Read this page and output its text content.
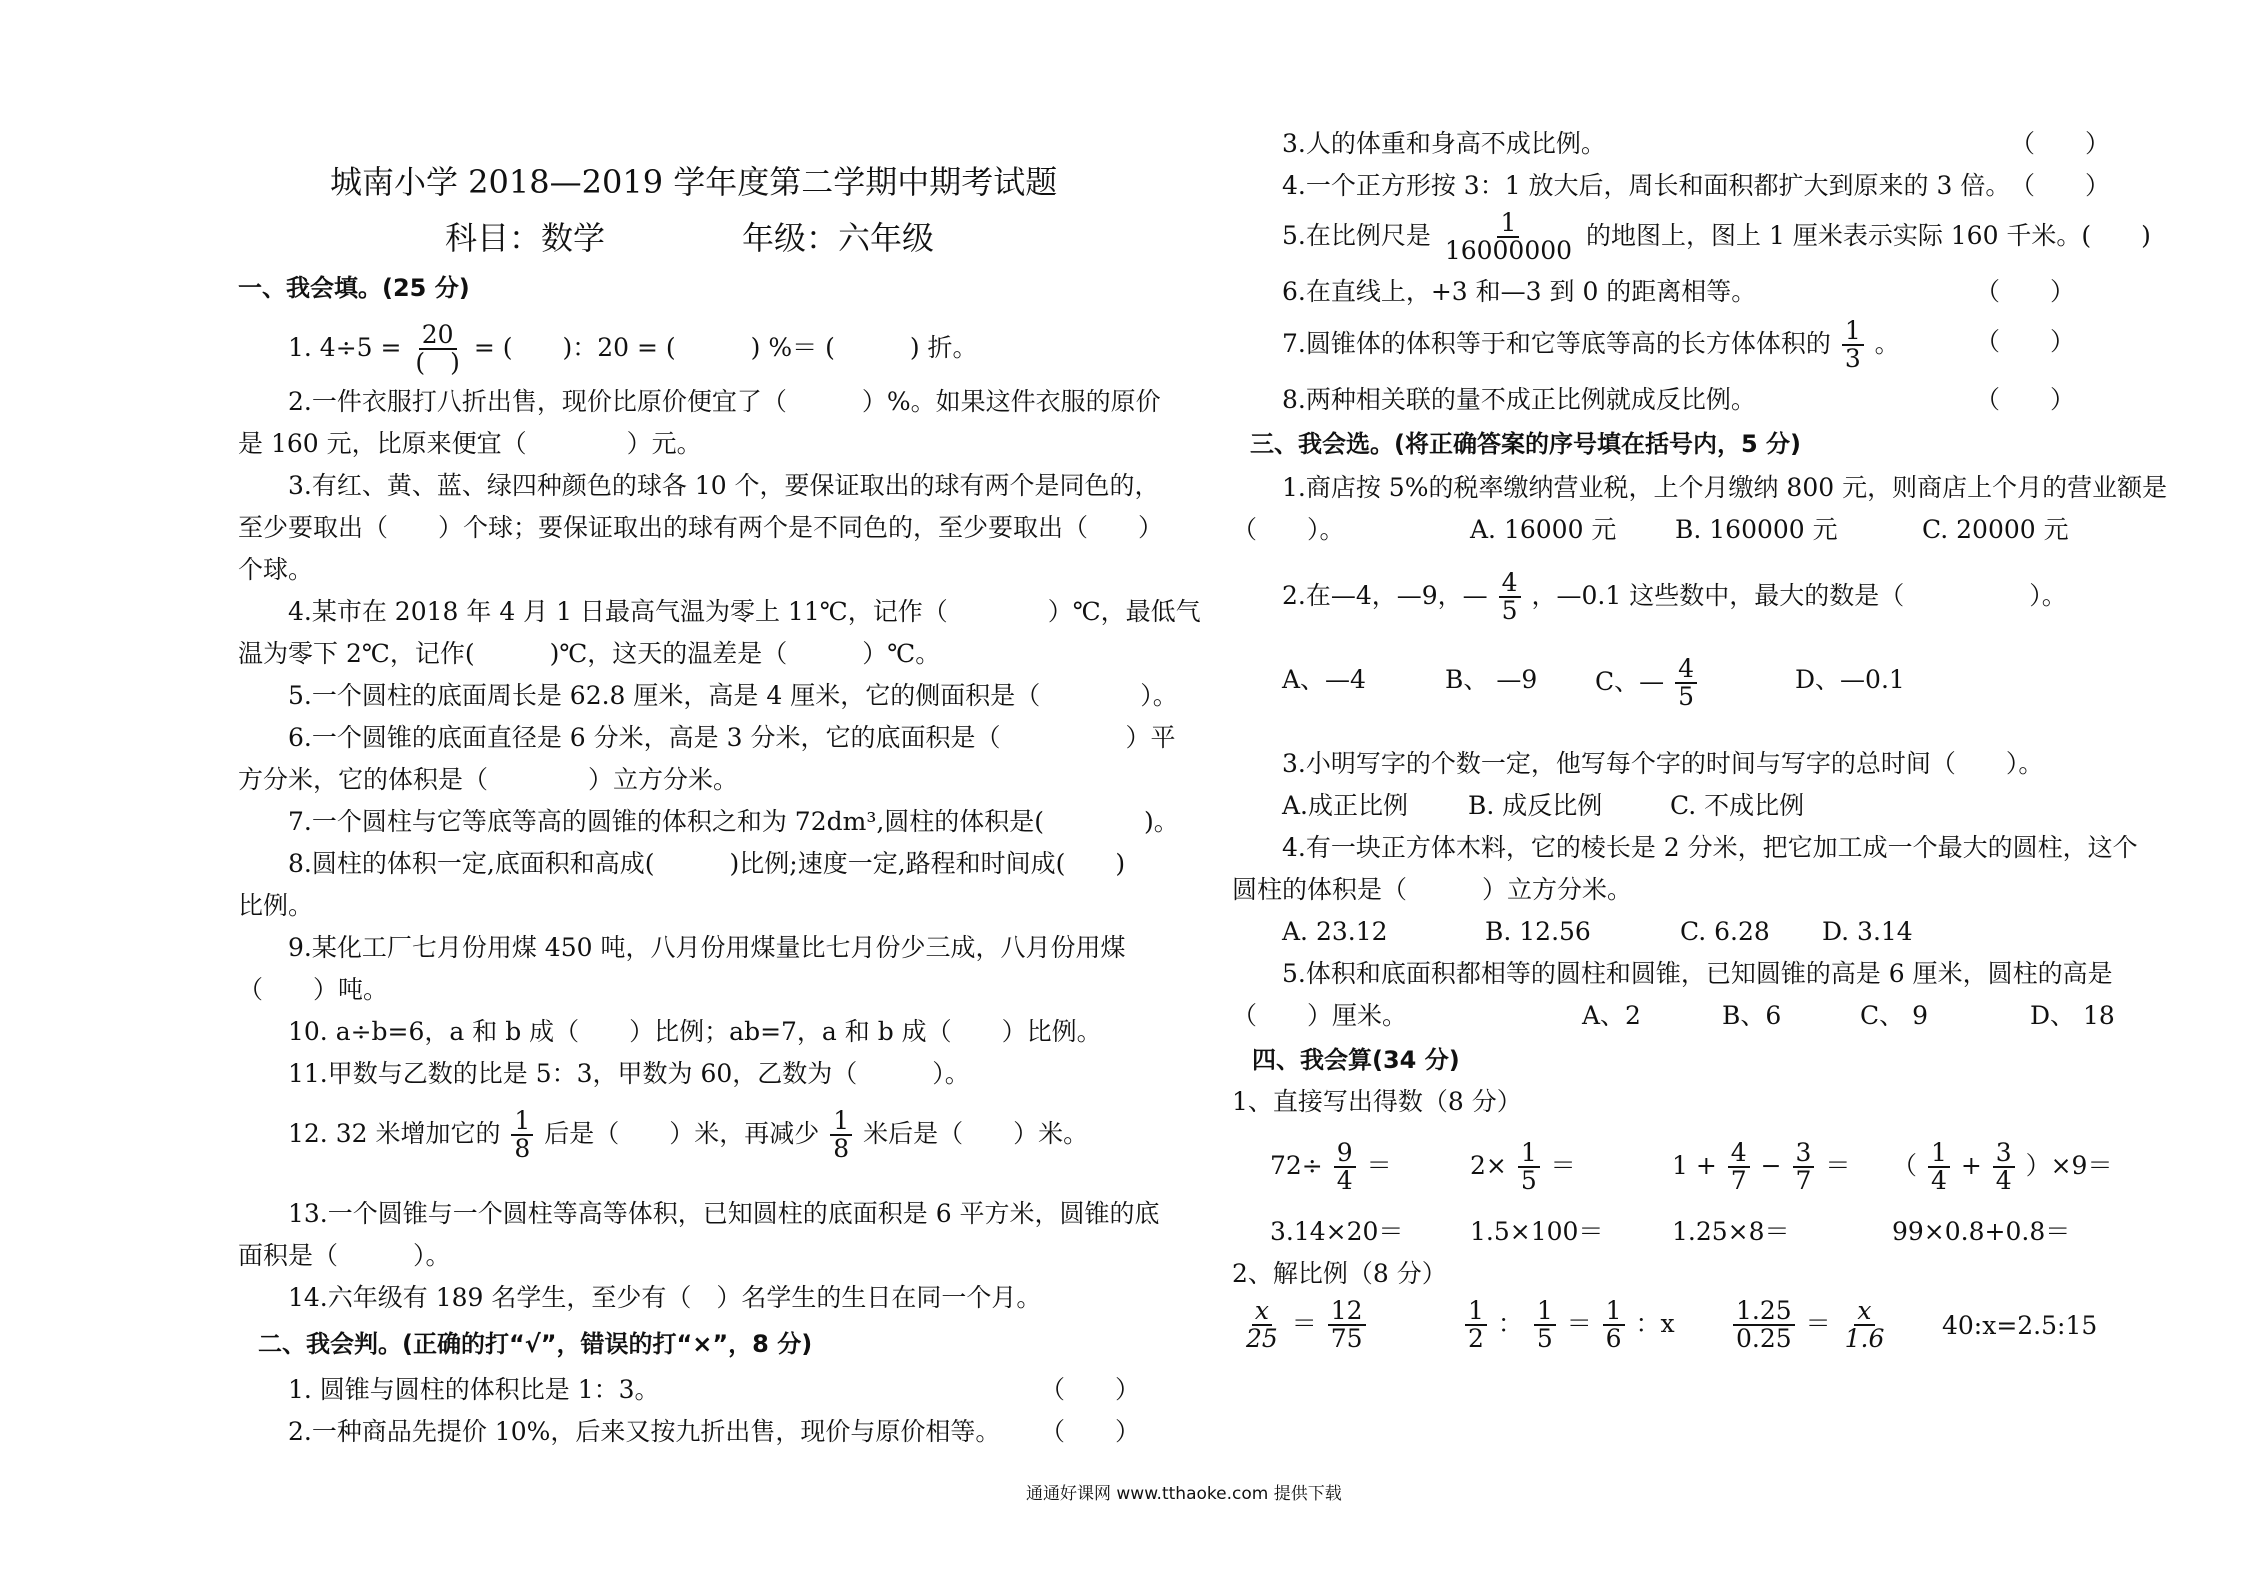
城南小学 2018—2019 学年度第二学期中期考试题
科目：数学	年级：六年级
一、我会填。(25 分)
1. $4\div 5 = \frac{20}{( )}$ = (　　)：20 = (　　　) %＝ (　　　) 折。
2.一件衣服打八折出售，现价比原价便宜了（　　　）%。如果这件衣服的原价
是 160 元，比原来便宜（　　　　）元。
3.有红、黄、蓝、绿四种颜色的球各 10 个，要保证取出的球有两个是同色的，
至少要取出（　　）个球；要保证取出的球有两个是不同色的，至少要取出（　　）
个球。
4.某市在 2018 年 4 月 1 日最高气温为零上 11℃，记作（　　　　）℃，最低气
温为零下 2℃，记作(　　　)℃，这天的温差是（　　　）℃。
5.一个圆柱的底面周长是 62.8 厘米，高是 4 厘米，它的侧面积是（　　　　）。
6.一个圆锥的底面直径是 6 分米，高是 3 分米，它的底面积是（　　　　　）平
方分米，它的体积是（　　　　）立方分米。
7.一个圆柱与它等底等高的圆锥的体积之和为 72dm³,圆柱的体积是(　　　　)。
8.圆柱的体积一定,底面积和高成(　　　)比例;速度一定,路程和时间成(　　)
比例。
9.某化工厂七月份用煤 450 吨，八月份用煤量比七月份少三成，八月份用煤
（　　）吨。
10. a÷b=6，a 和 b 成（　　）比例；ab=7，a 和 b 成（　　）比例。
11.甲数与乙数的比是 5：3，甲数为 60，乙数为（　　　）。
12. 32 米增加它的 $\frac{1}{8}$ 后是（　　）米，再减少 $\frac{1}{8}$ 米后是（　　）米。
13.一个圆锥与一个圆柱等高等体积，已知圆柱的底面积是 6 平方米，圆锥的底
面积是（　　　）。
14.六年级有 189 名学生，至少有（　）名学生的生日在同一个月。
二、我会判。(正确的打“√”，错误的打“×”，8 分)
1. 圆锥与圆柱的体积比是 1：3。	（　　）
2.一种商品先提价 10%，后来又按九折出售，现价与原价相等。 （　　）
3.人的体重和身高不成比例。	（　　）
4.一个正方形按 3：1 放大后，周长和面积都扩大到原来的 3 倍。 （　　）
5.在比例尺是 $\frac{1}{16000000}$ 的地图上，图上 1 厘米表示实际 160 千米。(　　)
6.在直线上，+3 和—3 到 0 的距离相等。	（　　）
7.圆锥体的体积等于和它等底等高的长方体体积的 $\frac{1}{3}$ 。	（　　）
8.两种相关联的量不成正比例就成反比例。	（　　）
三、我会选。(将正确答案的序号填在括号内，5 分)
1.商店按 5%的税率缴纳营业税，上个月缴纳 800 元，则商店上个月的营业额是
（　　）。	A. 16000 元 B. 160000 元	C. 20000 元
2.在—4，—9，— $\frac{4}{5}$ ，—0.1 这些数中，最大的数是（　　　　　）。
A、—4	B、 —9 C、— $\frac{4}{5}$	D、—0.1
3.小明写字的个数一定，他写每个字的时间与写字的总时间（　　）。
A.成正比例 B. 成反比例	C. 不成比例
4.有一块正方体木料，它的棱长是 2 分米，把它加工成一个最大的圆柱，这个
圆柱的体积是（　　　）立方分米。
A. 23.12	B. 12.56	C. 6.28 D. 3.14
5.体积和底面积都相等的圆柱和圆锥，已知圆锥的高是 6 厘米，圆柱的高是
（　　）厘米。	A、2	B、6	C、 9	D、 18
四、我会算(34 分)
1、直接写出得数（8 分）
$72\div \frac{9}{4}$ ＝	$2\times \frac{1}{5}$ ＝	$1 + \frac{4}{7} - \frac{3}{7}$ ＝ （ $\frac{1}{4} + \frac{3}{4} )\times 9=$
3.14×20＝	1.5×100＝	1.25×8＝	99×0.8+0.8＝
2、解比例（8 分）
$\frac{x}{25} = \frac{12}{75}$	$\frac{1}{2}$ ： $\frac{1}{5} = \frac{1}{6}$ ：x $\frac{1.25}{0.25} = \frac{x}{1.6}$ 40:x=2.5:15
通通好课网 www.tthaoke.com 提供下载
